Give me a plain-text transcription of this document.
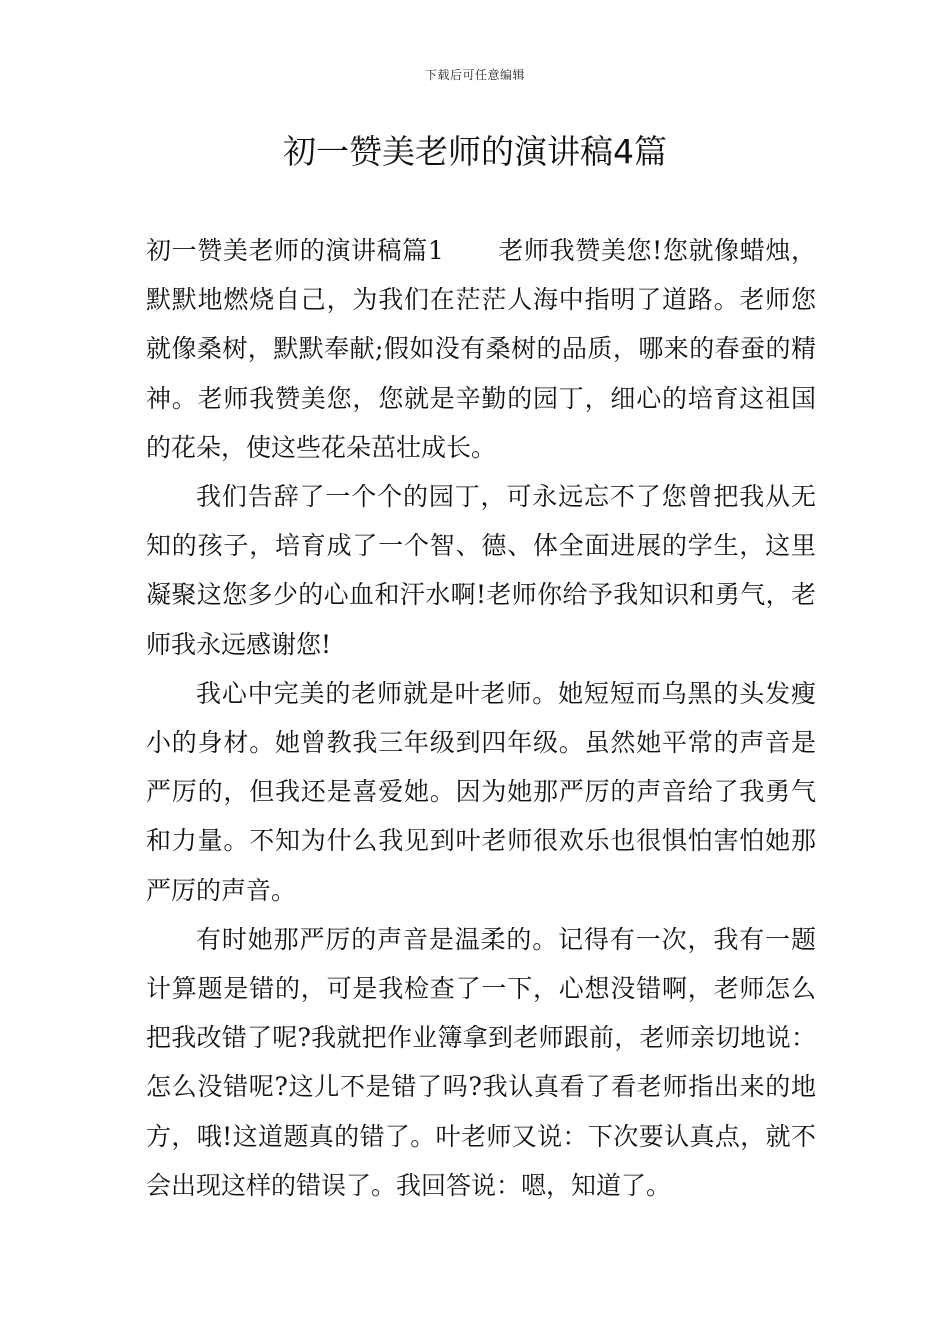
下载后可任意编辑
初一赞美老师的演讲稿4篇

初一赞美老师的演讲稿篇1 老师我赞美您!您就像蜡烛，默默地燃烧自己，为我们在茫茫人海中指明了道路。老师您就像桑树，默默奉献;假如没有桑树的品质，哪来的春蚕的精神。老师我赞美您，您就是辛勤的园丁，细心的培育这祖国的花朵，使这些花朵茁壮成长。

我们告辞了一个个的园丁，可永远忘不了您曾把我从无知的孩子，培育成了一个智、德、体全面进展的学生，这里凝聚这您多少的心血和汗水啊!老师你给予我知识和勇气，老师我永远感谢您!

我心中完美的老师就是叶老师。她短短而乌黑的头发瘦小的身材。她曾教我三年级到四年级。虽然她平常的声音是严厉的，但我还是喜爱她。因为她那严厉的声音给了我勇气和力量。不知为什么我见到叶老师很欢乐也很惧怕害怕她那严厉的声音。

有时她那严厉的声音是温柔的。记得有一次，我有一题计算题是错的，可是我检查了一下，心想没错啊，老师怎么把我改错了呢?我就把作业簿拿到老师跟前，老师亲切地说：怎么没错呢?这儿不是错了吗?我认真看了看老师指出来的地方，哦!这道题真的错了。叶老师又说：下次要认真点，就不会出现这样的错误了。我回答说：嗯，知道了。
